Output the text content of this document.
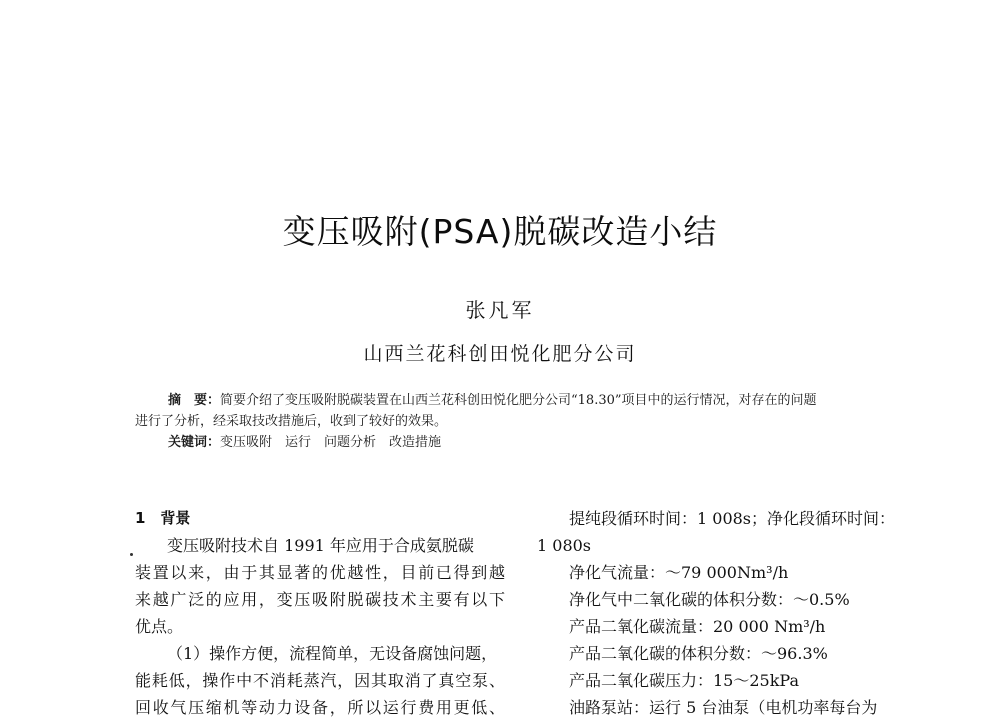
变压吸附(PSA)脱碳改造小结
张凡军
山西兰花科创田悦化肥分公司

摘　要：简要介绍了变压吸附脱碳装置在山西兰花科创田悦化肥分公司“18.30”项目中的运行情况，对存在的问题

进行了分析，经采取技改措施后，收到了较好的效果。

关键词：变压吸附　运行　问题分析　改造措施

1　背景

变压吸附技术自 1991 年应用于合成氨脱碳

装置以来，由于其显著的优越性，目前已得到越

来越广泛的应用，变压吸附脱碳技术主要有以下

优点。

（1）操作方便，流程简单，无设备腐蚀问题，

能耗低，操作中不消耗蒸汽，因其取消了真空泵、

回收气压缩机等动力设备，所以运行费用更低、

提纯段循环时间：1 008s；净化段循环时间：

1 080s

净化气流量：～79 000Nm³/h

净化气中二氧化碳的体积分数：～0.5%

产品二氧化碳流量：20 000 Nm³/h

产品二氧化碳的体积分数：～96.3%

产品二氧化碳压力：15～25kPa

油路泵站：运行 5 台油泵（电机功率每台为
